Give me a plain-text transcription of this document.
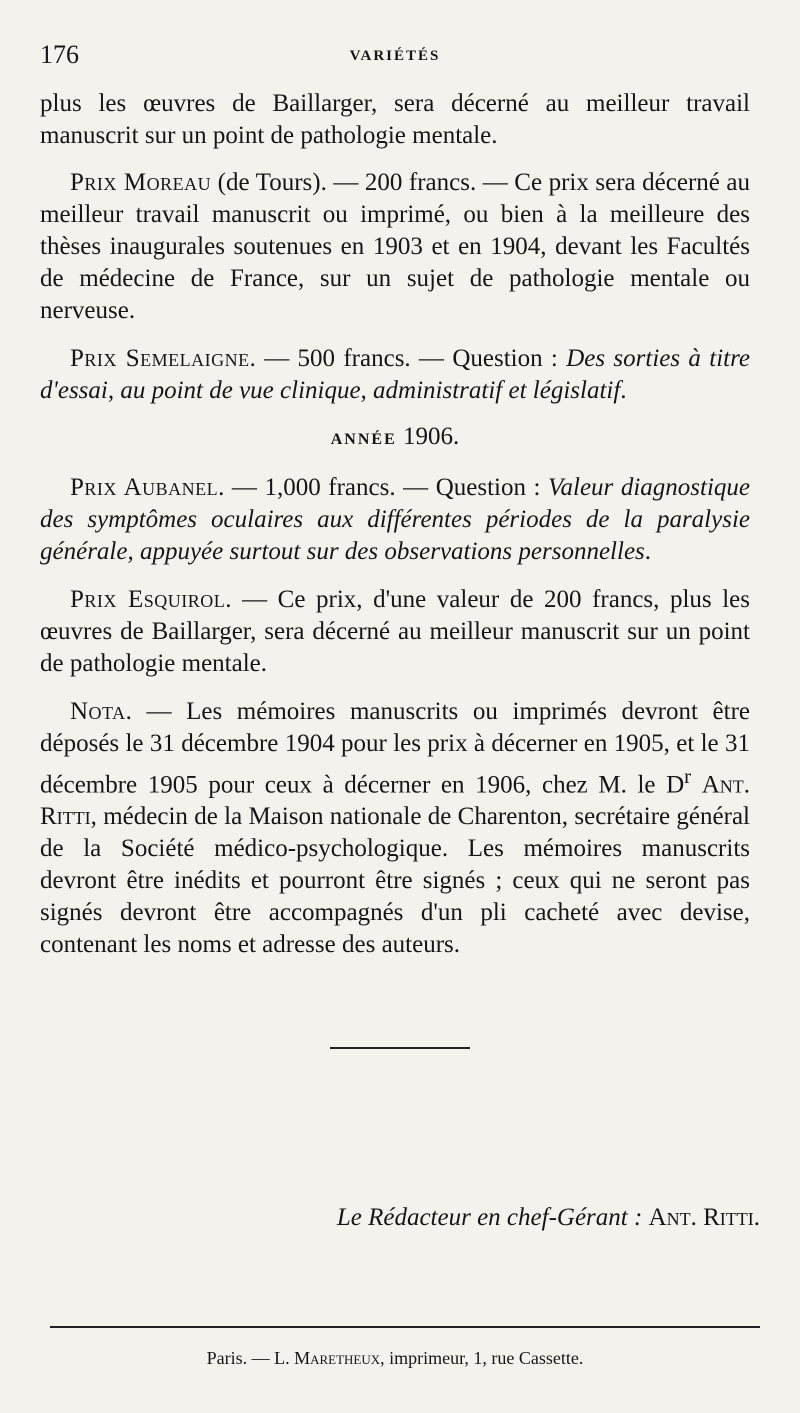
176	VARIÉTÉS

plus les œuvres de Baillarger, sera décerné au meilleur travail manuscrit sur un point de pathologie mentale.

Prix Moreau (de Tours). — 200 francs. — Ce prix sera décerné au meilleur travail manuscrit ou imprimé, ou bien à la meilleure des thèses inaugurales soutenues en 1903 et en 1904, devant les Facultés de médecine de France, sur un sujet de pathologie mentale ou nerveuse.

Prix Semelaigne. — 500 francs. — Question : Des sorties à titre d'essai, au point de vue clinique, administratif et législatif.

ANNÉE 1906.

Prix Aubanel. — 1,000 francs. — Question : Valeur diagnostique des symptômes oculaires aux différentes périodes de la paralysie générale, appuyée surtout sur des observations personnelles.

Prix Esquirol. — Ce prix, d'une valeur de 200 francs, plus les œuvres de Baillarger, sera décerné au meilleur manuscrit sur un point de pathologie mentale.

Nota. — Les mémoires manuscrits ou imprimés devront être déposés le 31 décembre 1904 pour les prix à décerner en 1905, et le 31 décembre 1905 pour ceux à décerner en 1906, chez M. le $D^r$ Ant. Ritti, médecin de la Maison nationale de Charenton, secrétaire général de la Société médico-psychologique. Les mémoires manuscrits devront être inédits et pourront être signés ; ceux qui ne seront pas signés devront être accompagnés d'un pli cacheté avec devise, contenant les noms et adresse des auteurs.

Le Rédacteur en chef-Gérant : Ant. Ritti.
Paris. — L. Maretheux, imprimeur, 1, rue Cassette.
